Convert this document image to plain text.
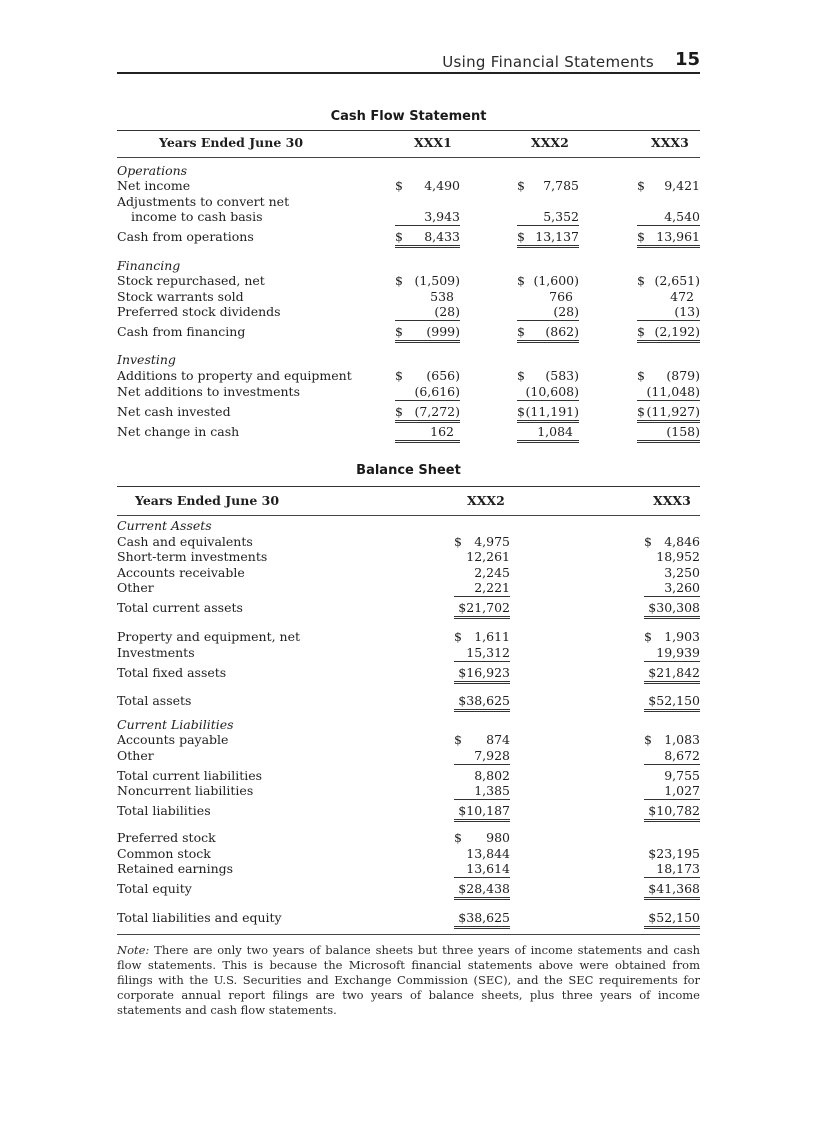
Using Financial Statements 15
Cash Flow Statement
Years Ended June 30	XXX1	XXX2	XXX3
Operations
Net income	$ 4,490	$ 7,785	$ 9,421
Adjustments to convert net
income to cash basis	3,943	5,352	4,540
Cash from operations	$ 8,433	$ 13,137	$ 13,961
Financing
Stock repurchased, net	$ (1,509)	$ (1,600)	$ (2,651)
Stock warrants sold	538	766	472
Preferred stock dividends	(28)	(28)	(13)
Cash from financing	$ (999)	$ (862)	$ (2,192)
Investing
Additions to property and equipment	$ (656)	$ (583)	$ (879)
Net additions to investments	(6,616)	(10,608)	(11,048)
Net cash invested	$ (7,272)	$ (11,191)	$ (11,927)
Net change in cash	162	1,084	(158)
Balance Sheet
Years Ended June 30	XXX2	XXX3
Current Assets
Cash and equivalents	$ 4,975	$ 4,846
Short-term investments	12,261	18,952
Accounts receivable	2,245	3,250
Other	2,221	3,260
Total current assets	$21,702	$30,308
Property and equipment, net	$ 1,611	$ 1,903
Investments	15,312	19,939
Total fixed assets	$16,923	$21,842
Total assets	$38,625	$52,150
Current Liabilities
Accounts payable	$ 874	$ 1,083
Other	7,928	8,672
Total current liabilities	8,802	9,755
Noncurrent liabilities	1,385	1,027
Total liabilities	$10,187	$10,782
Preferred stock	$ 980
Common stock	13,844	$23,195
Retained earnings	13,614	18,173
Total equity	$28,438	$41,368
Total liabilities and equity	$38,625	$52,150
Note: There are only two years of balance sheets but three years of income statements and cash flow statements. This is because the Microsoft financial statements above were obtained from filings with the U.S. Securities and Exchange Commission (SEC), and the SEC requirements for corporate annual report filings are two years of balance sheets, plus three years of income statements and cash flow statements.
